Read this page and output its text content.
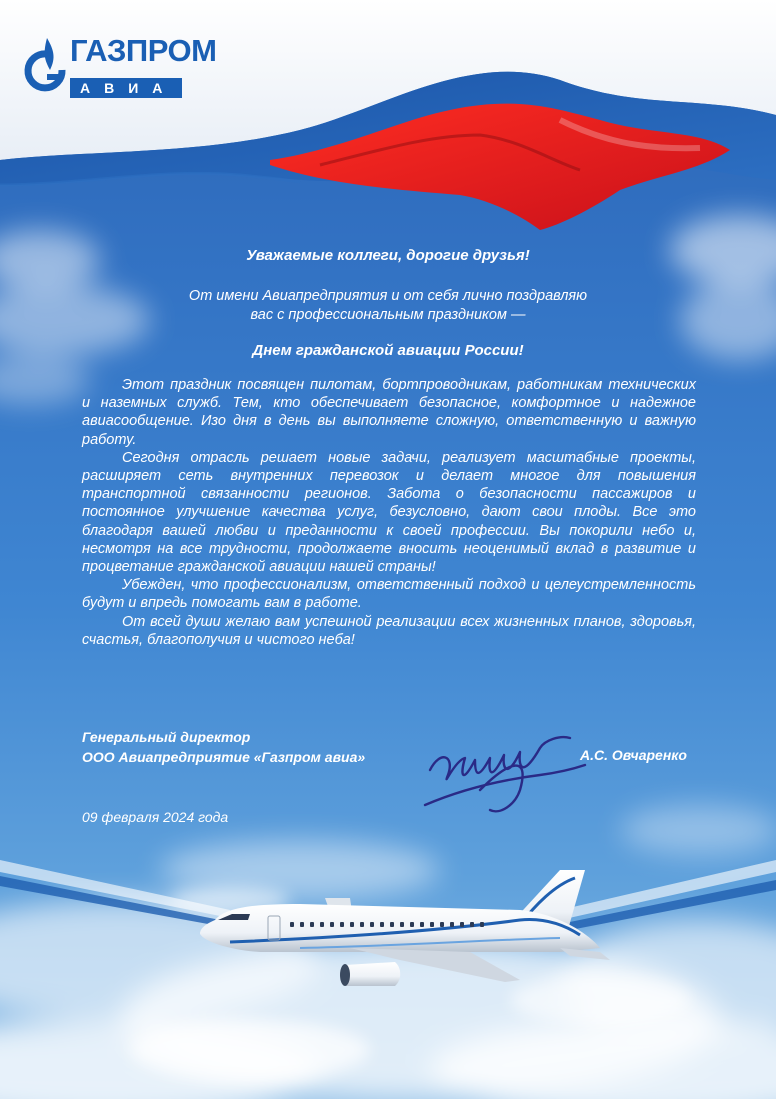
ГАЗПРОМ
АВИА
Уважаемые коллеги, дорогие друзья!
От имени Авиапредприятия и от себя лично поздравляю
вас с профессиональным праздником —
Днем гражданской авиации России!

Этот праздник посвящен пилотам, бортпроводникам, работникам технических и наземных служб. Тем, кто обеспечивает безопасное, комфортное и надежное авиасообщение. Изо дня в день вы выполняете сложную, ответственную и важную работу.

Сегодня отрасль решает новые задачи, реализует масштабные проекты, расширяет сеть внутренних перевозок и делает многое для повышения транспортной связанности регионов. Забота о безопасности пассажиров и постоянное улучшение качества услуг, безусловно, дают свои плоды. Все это благодаря вашей любви и преданности к своей профессии. Вы покорили небо и, несмотря на все трудности, продолжаете вносить неоценимый вклад в развитие и процветание гражданской авиации нашей страны!

Убежден, что профессионализм, ответственный подход и целеустремленность будут и впредь помогать вам в работе.

От всей души желаю вам успешной реализации всех жизненных планов, здоровья, счастья, благополучия и чистого неба!

Генеральный директор
ООО Авиапредприятие «Газпром авиа»	А.С. Овчаренко
09 февраля 2024 года
